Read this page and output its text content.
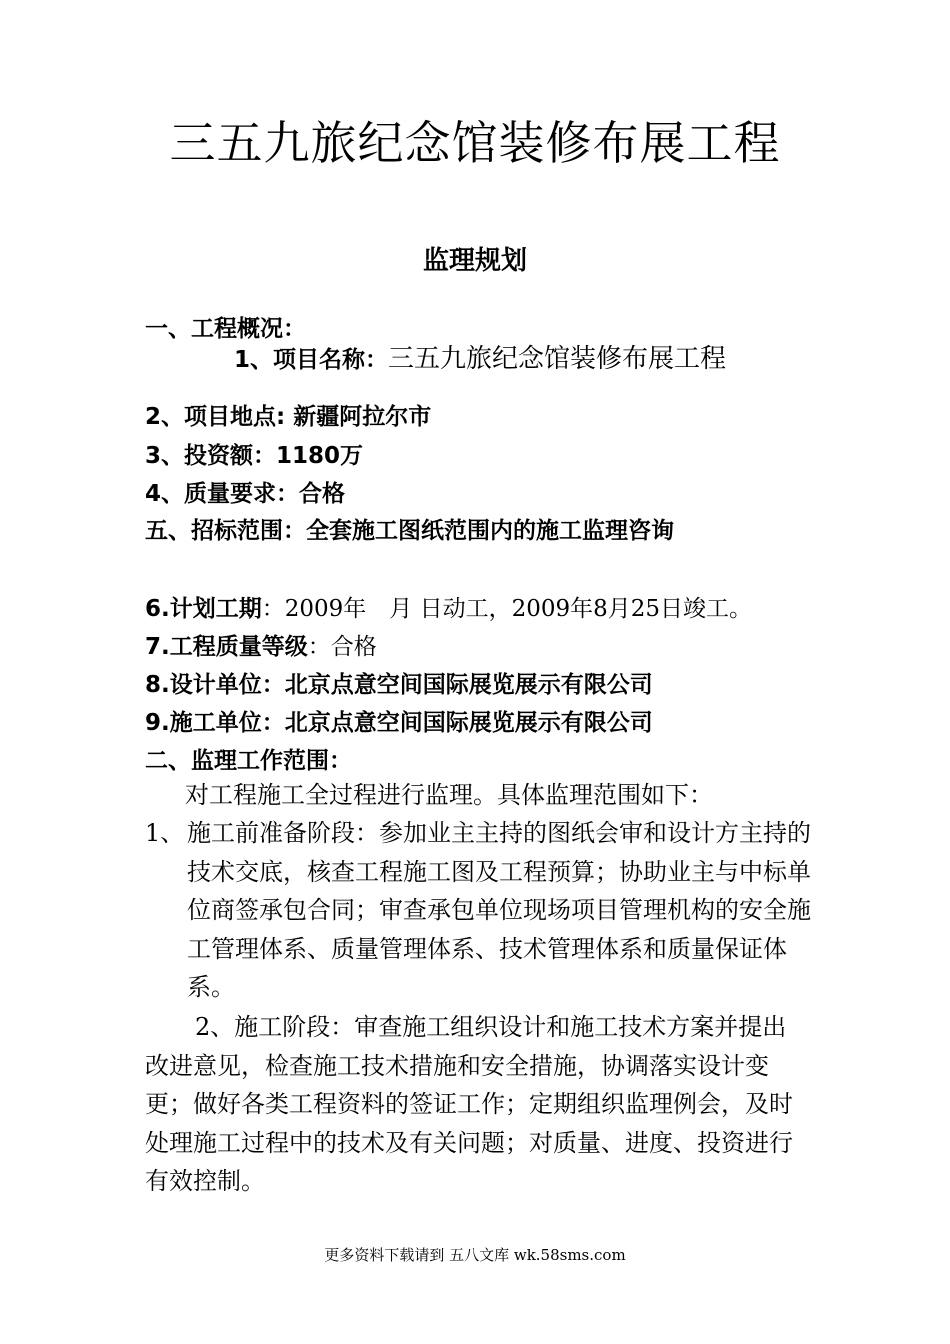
三五九旅纪念馆装修布展工程
监理规划
一、工程概况：
1、项目名称：三五九旅纪念馆装修布展工程
2、项目地点: 新疆阿拉尔市
3、投资额：1180万
4、质量要求：合格
五、招标范围：全套施工图纸范围内的施工监理咨询
6.计划工期：2009年　月 日动工，2009年8月25日竣工。
7.工程质量等级：合格
8.设计单位：北京点意空间国际展览展示有限公司
9.施工单位：北京点意空间国际展览展示有限公司
二、监理工作范围：
对工程施工全过程进行监理。具体监理范围如下：
1、 施工前准备阶段：参加业主主持的图纸会审和设计方主持的技术交底，核查工程施工图及工程预算；协助业主与中标单位商签承包合同；审查承包单位现场项目管理机构的安全施工管理体系、质量管理体系、技术管理体系和质量保证体系。
2、施工阶段：审查施工组织设计和施工技术方案并提出改进意见，检查施工技术措施和安全措施，协调落实设计变更；做好各类工程资料的签证工作；定期组织监理例会，及时处理施工过程中的技术及有关问题；对质量、进度、投资进行有效控制。
更多资料下载请到 五八文库 wk.58sms.com
